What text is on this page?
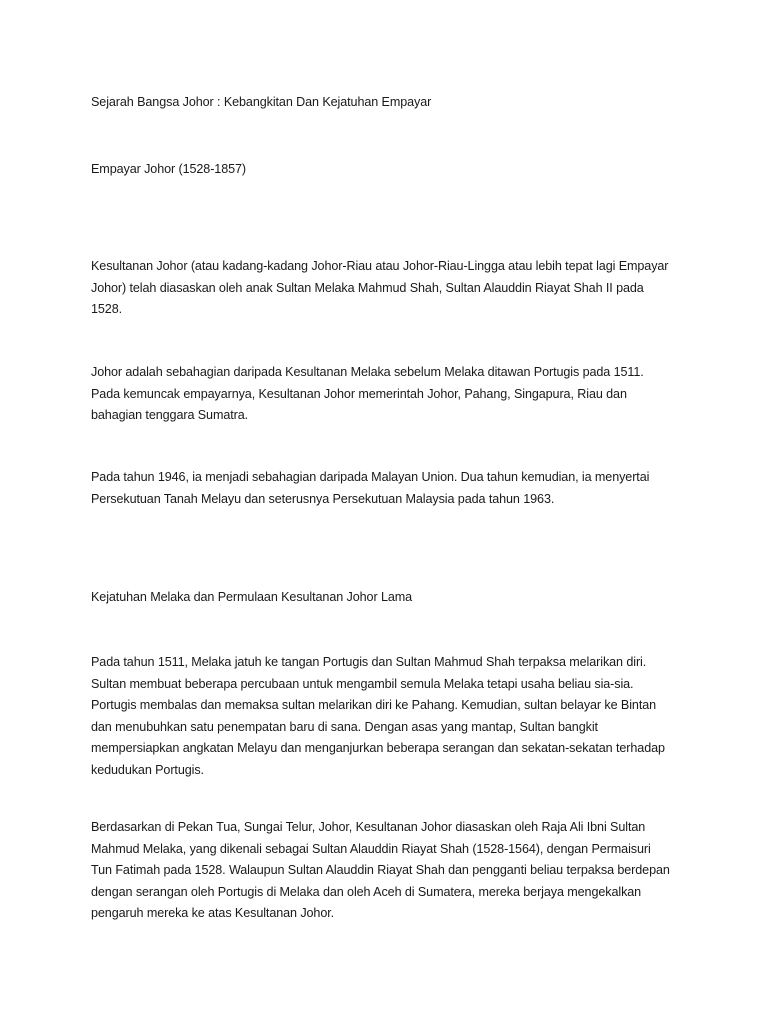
Sejarah Bangsa Johor : Kebangkitan Dan Kejatuhan Empayar
Empayar Johor (1528-1857)
Kesultanan Johor (atau kadang-kadang Johor-Riau atau Johor-Riau-Lingga atau lebih tepat lagi Empayar
Johor) telah diasaskan oleh anak Sultan Melaka Mahmud Shah, Sultan Alauddin Riayat Shah II pada
1528.
Johor adalah sebahagian daripada Kesultanan Melaka sebelum Melaka ditawan Portugis pada 1511.
Pada kemuncak empayarnya, Kesultanan Johor memerintah Johor, Pahang, Singapura, Riau dan
bahagian tenggara Sumatra.
Pada tahun 1946, ia menjadi sebahagian daripada Malayan Union. Dua tahun kemudian, ia menyertai
Persekutuan Tanah Melayu dan seterusnya Persekutuan Malaysia pada tahun 1963.
Kejatuhan Melaka dan Permulaan Kesultanan Johor Lama
Pada tahun 1511, Melaka jatuh ke tangan Portugis dan Sultan Mahmud Shah terpaksa melarikan diri.
Sultan membuat beberapa percubaan untuk mengambil semula Melaka tetapi usaha beliau sia-sia.
Portugis membalas dan memaksa sultan melarikan diri ke Pahang. Kemudian, sultan belayar ke Bintan
dan menubuhkan satu penempatan baru di sana. Dengan asas yang mantap, Sultan bangkit
mempersiapkan angkatan Melayu dan menganjurkan beberapa serangan dan sekatan-sekatan terhadap
kedudukan Portugis.
Berdasarkan di Pekan Tua, Sungai Telur, Johor, Kesultanan Johor diasaskan oleh Raja Ali Ibni Sultan
Mahmud Melaka, yang dikenali sebagai Sultan Alauddin Riayat Shah (1528-1564), dengan Permaisuri
Tun Fatimah pada 1528. Walaupun Sultan Alauddin Riayat Shah dan pengganti beliau terpaksa berdepan
dengan serangan oleh Portugis di Melaka dan oleh Aceh di Sumatera, mereka berjaya mengekalkan
pengaruh mereka ke atas Kesultanan Johor.
